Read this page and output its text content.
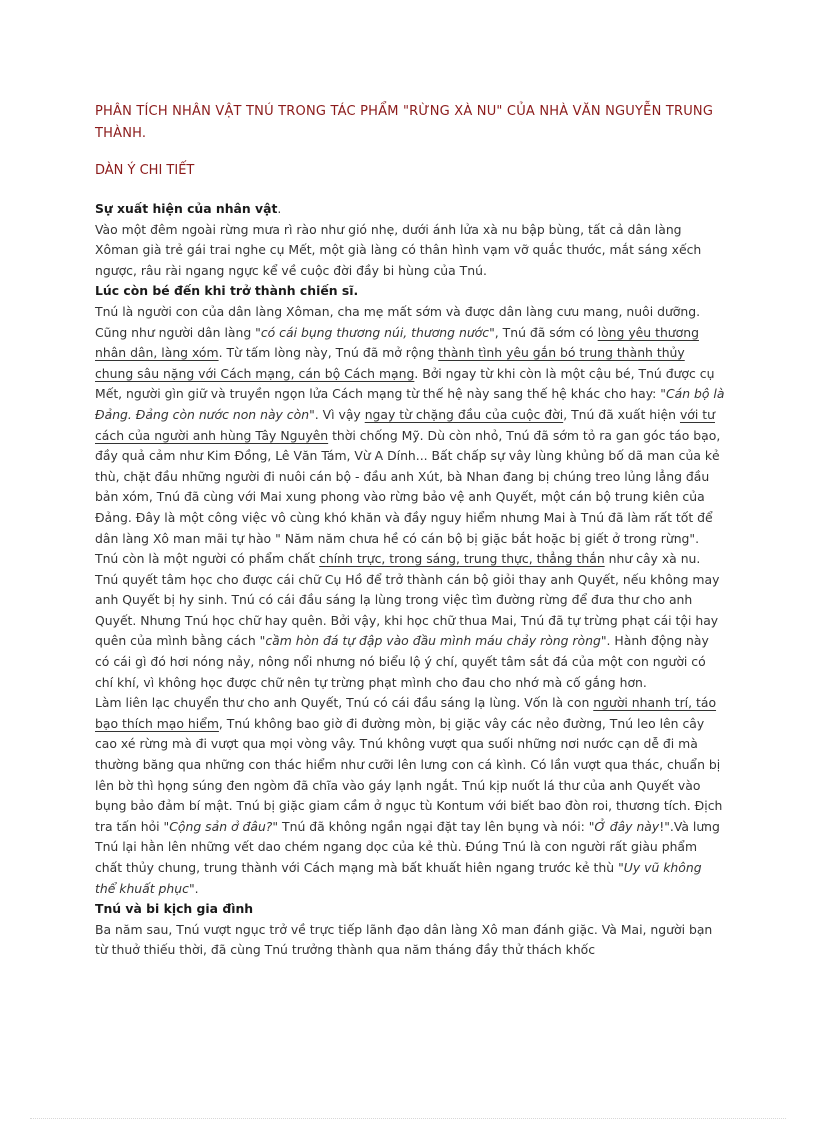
PHÂN TÍCH NHÂN VẬT TNÚ TRONG TÁC PHẨM "RỪNG XÀ NU" CỦA NHÀ VĂN NGUYỄN TRUNG THÀNH.
DÀN Ý CHI TIẾT

Sự xuất hiện của nhân vật.

Vào một đêm ngoài rừng mưa rì rào như gió nhẹ, dưới ánh lửa xà nu bập bùng, tất cả dân làng Xôman già trẻ gái trai nghe cụ Mết, một già làng có thân hình vạm vỡ quắc thước, mắt sáng xếch ngược, râu rài ngang ngực kể về cuộc đời đầy bi hùng của Tnú.

Lúc còn bé đến khi trở thành chiến sĩ.

Tnú là người con của dân làng Xôman, cha mẹ mất sớm và được dân làng cưu mang, nuôi dưỡng. Cũng như người dân làng "có cái bụng thương núi, thương nước", Tnú đã sớm có lòng yêu thương nhân dân, làng xóm. Từ tấm lòng này, Tnú đã mở rộng thành tình yêu gắn bó trung thành thủy chung sâu nặng với Cách mạng, cán bộ Cách mạng. Bởi ngay từ khi còn là một cậu bé, Tnú được cụ Mết, người gìn giữ và truyền ngọn lửa Cách mạng từ thế hệ này sang thế hệ khác cho hay: "Cán bộ là Đảng. Đảng còn nước non này còn". Vì vậy ngay từ chặng đầu của cuộc đời, Tnú đã xuất hiện với tư cách của người anh hùng Tây Nguyên thời chống Mỹ. Dù còn nhỏ, Tnú đã sớm tỏ ra gan góc táo bạo, đầy quả cảm như Kim Đồng, Lê Văn Tám, Vừ A Dính... Bất chấp sự vây lùng khủng bố dã man của kẻ thù, chặt đầu những người đi nuôi cán bộ - đầu anh Xút, bà Nhan đang bị chúng treo lủng lẳng đầu bản xóm, Tnú đã cùng với Mai xung phong vào rừng bảo vệ anh Quyết, một cán bộ trung kiên của Đảng. Đây là một công việc vô cùng khó khăn và đầy nguy hiểm nhưng Mai à Tnú đã làm rất tốt để dân làng Xô man mãi tự hào " Năm năm chưa hề có cán bộ bị giặc bắt hoặc bị giết ở trong rừng".

Tnú còn là một người có phẩm chất chính trực, trong sáng, trung thực, thẳng thắn như cây xà nu. Tnú quyết tâm học cho được cái chữ Cụ Hồ để trở thành cán bộ giỏi thay anh Quyết, nếu không may anh Quyết bị hy sinh. Tnú có cái đầu sáng lạ lùng trong việc tìm đường rừng để đưa thư cho anh Quyết. Nhưng Tnú học chữ hay quên. Bởi vậy, khi học chữ thua Mai, Tnú đã tự trừng phạt cái tội hay quên của mình bằng cách "cầm hòn đá tự đập vào đầu mình máu chảy ròng ròng". Hành động này có cái gì đó hơi nóng nảy, nông nổi nhưng nó biểu lộ ý chí, quyết tâm sắt đá của một con người có chí khí, vì không học được chữ nên tự trừng phạt mình cho đau cho nhớ mà cố gắng hơn.

Làm liên lạc chuyển thư cho anh Quyết, Tnú có cái đầu sáng lạ lùng. Vốn là con người nhanh trí, táo bạo thích mạo hiểm, Tnú không bao giờ đi đường mòn, bị giặc vây các nẻo đường, Tnú leo lên cây cao xé rừng mà đi vượt qua mọi vòng vây. Tnú không vượt qua suối những nơi nước cạn dễ đi mà thường băng qua những con thác hiểm như cưỡi lên lưng con cá kình. Có lần vượt qua thác, chuẩn bị lên bờ thì họng súng đen ngòm đã chĩa vào gáy lạnh ngắt. Tnú kịp nuốt lá thư của anh Quyết vào bụng bảo đảm bí mật. Tnú bị giặc giam cầm ở ngục tù Kontum với biết bao đòn roi, thương tích. Địch tra tấn hỏi "Cộng sản ở đâu?" Tnú đã không ngần ngại đặt tay lên bụng và nói: "Ở đây này!".Và lưng Tnú lại hằn lên những vết dao chém ngang dọc của kẻ thù. Đúng Tnú là con người rất giàu phẩm chất thủy chung, trung thành với Cách mạng mà bất khuất hiên ngang trước kẻ thù "Uy vũ không thể khuất phục".

Tnú và bi kịch gia đình

Ba năm sau, Tnú vượt ngục trở về trực tiếp lãnh đạo dân làng Xô man đánh giặc. Và Mai, người bạn từ thuở thiếu thời, đã cùng Tnú trưởng thành qua năm tháng đầy thử thách khốc
